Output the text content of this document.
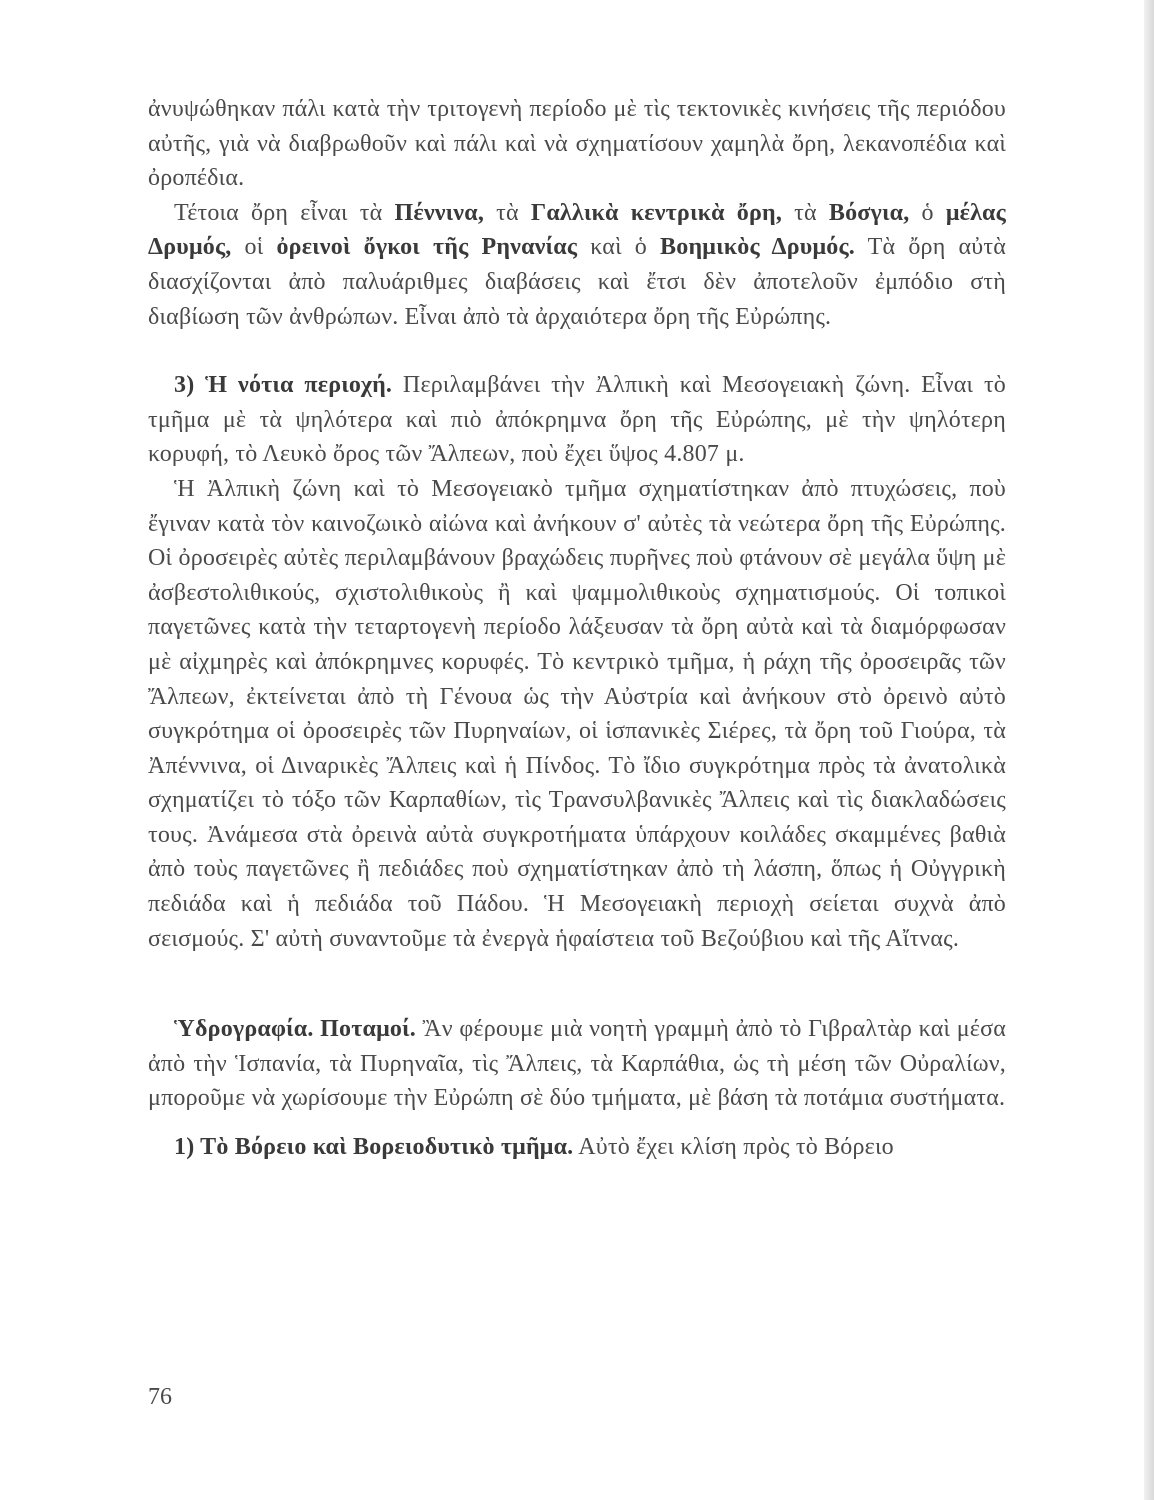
ἀνυψώθηκαν πάλι κατὰ τὴν τριτογενὴ περίοδο μὲ τὶς τεκτονικὲς κινήσεις τῆς περιόδου αὐτῆς, γιὰ νὰ διαβρωθοῦν καὶ πάλι καὶ νὰ σχηματίσουν χαμηλὰ ὄρη, λεκανοπέδια καὶ ὀροπέδια.

Τέτοια ὄρη εἶναι τὰ Πέννινα, τὰ Γαλλικὰ κεντρικὰ ὄρη, τὰ Βόσγια, ὁ μέλας Δρυμός, οἱ ὀρεινοὶ ὄγκοι τῆς Ρηνανίας καὶ ὁ Βοημικὸς Δρυμός. Τὰ ὄρη αὐτὰ διασχίζονται ἀπὸ παλυάριθμες διαβάσεις καὶ ἔτσι δὲν ἀποτελοῦν ἐμπόδιο στὴ διαβίωση τῶν ἀνθρώπων. Εἶναι ἀπὸ τὰ ἀρχαιότερα ὄρη τῆς Εὐρώπης.

3) Ἡ νότια περιοχή. Περιλαμβάνει τὴν Ἀλπικὴ καὶ Μεσογειακὴ ζώνη. Εἶναι τὸ τμῆμα μὲ τὰ ψηλότερα καὶ πιὸ ἀπόκρημνα ὄρη τῆς Εὐρώπης, μὲ τὴν ψηλότερη κορυφή, τὸ Λευκὸ ὄρος τῶν Ἄλπεων, ποὺ ἔχει ὕψος 4.807 μ.

Ἡ Ἀλπικὴ ζώνη καὶ τὸ Μεσογειακὸ τμῆμα σχηματίστηκαν ἀπὸ πτυχώσεις, ποὺ ἔγιναν κατὰ τὸν καινοζωικὸ αἰώνα καὶ ἀνήκουν σ' αὐτὲς τὰ νεώτερα ὄρη τῆς Εὐρώπης. Οἱ ὀροσειρὲς αὐτὲς περιλαμβάνουν βραχώδεις πυρῆνες ποὺ φτάνουν σὲ μεγάλα ὕψη μὲ ἀσβεστολιθικούς, σχιστολιθικοὺς ἢ καὶ ψαμμολιθικοὺς σχηματισμούς. Οἱ τοπικοὶ παγετῶνες κατὰ τὴν τεταρτογενὴ περίοδο λάξευσαν τὰ ὄρη αὐτὰ καὶ τὰ διαμόρφωσαν μὲ αἰχμηρὲς καὶ ἀπόκρημνες κορυφές. Τὸ κεντρικὸ τμῆμα, ἡ ράχη τῆς ὀροσειρᾶς τῶν Ἄλπεων, ἐκτείνεται ἀπὸ τὴ Γένουα ὡς τὴν Αὐστρία καὶ ἀνήκουν στὸ ὀρεινὸ αὐτὸ συγκρότημα οἱ ὀροσειρὲς τῶν Πυρηναίων, οἱ ἱσπανικὲς Σιέρες, τὰ ὄρη τοῦ Γιούρα, τὰ Ἀπέννινα, οἱ Διναρικὲς Ἄλπεις καὶ ἡ Πίνδος. Τὸ ἴδιο συγκρότημα πρὸς τὰ ἀνατολικὰ σχηματίζει τὸ τόξο τῶν Καρπαθίων, τὶς Τρανσυλβανικὲς Ἄλπεις καὶ τὶς διακλαδώσεις τους. Ἀνάμεσα στὰ ὀρεινὰ αὐτὰ συγκροτήματα ὑπάρχουν κοιλάδες σκαμμένες βαθιὰ ἀπὸ τοὺς παγετῶνες ἢ πεδιάδες ποὺ σχηματίστηκαν ἀπὸ τὴ λάσπη, ὅπως ἡ Οὐγγρικὴ πεδιάδα καὶ ἡ πεδιάδα τοῦ Πάδου. Ἡ Μεσογειακὴ περιοχὴ σείεται συχνὰ ἀπὸ σεισμούς. Σ' αὐτὴ συναντοῦμε τὰ ἐνεργὰ ἡφαίστεια τοῦ Βεζούβιου καὶ τῆς Αἴτνας.

Ὑδρογραφία. Ποταμοί. Ἂν φέρουμε μιὰ νοητὴ γραμμὴ ἀπὸ τὸ Γιβραλτὰρ καὶ μέσα ἀπὸ τὴν Ἱσπανία, τὰ Πυρηναῖα, τὶς Ἄλπεις, τὰ Καρπάθια, ὡς τὴ μέση τῶν Οὐραλίων, μποροῦμε νὰ χωρίσουμε τὴν Εὐρώπη σὲ δύο τμήματα, μὲ βάση τὰ ποτάμια συστήματα.

1) Τὸ Βόρειο καὶ Βορειοδυτικὸ τμῆμα. Αὐτὸ ἔχει κλίση πρὸς τὸ Βόρειο

76
